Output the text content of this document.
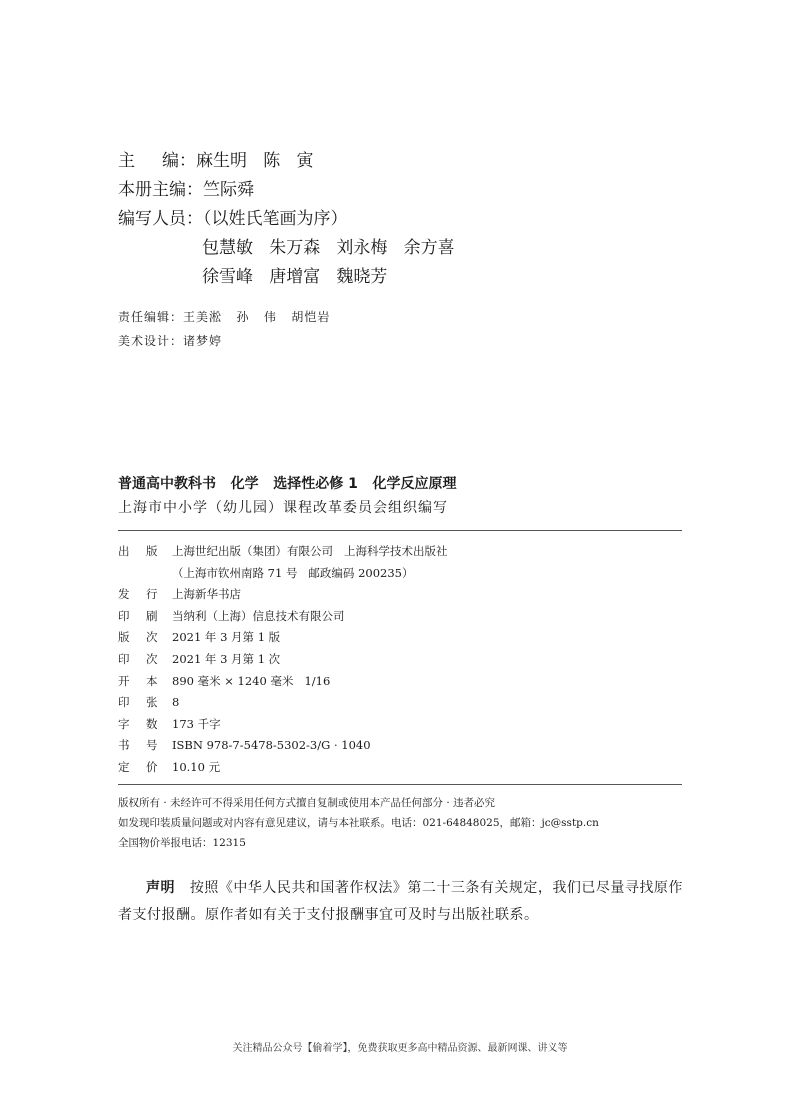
主     编：麻生明   陈   寅
本册主编：竺际舜
编写人员：（以姓氏笔画为序）
包慧敏   朱万森   刘永梅   余方喜
徐雪峰   唐增富   魏晓芳
责任编辑：王美淞   孙   伟   胡恺岩
美术设计：诸梦婷
普通高中教科书   化学   选择性必修 1   化学反应原理
上海市中小学（幼儿园）课程改革委员会组织编写
出 版 上海世纪出版（集团）有限公司   上海科学技术出版社
（上海市钦州南路 71 号   邮政编码 200235）
发 行 上海新华书店
印 刷 当纳利（上海）信息技术有限公司
版 次 2021 年 3 月第 1 版
印 次 2021 年 3 月第 1 次
开 本 890 毫米 × 1240 毫米   1/16
印 张 8
字 数 173 千字
书 号 ISBN 978-7-5478-5302-3/G · 1040
定 价 10.10 元
版权所有 · 未经许可不得采用任何方式擅自复制或使用本产品任何部分 · 违者必究
如发现印装质量问题或对内容有意见建议，请与本社联系。电话：021-64848025，邮箱：jc@sstp.cn
全国物价举报电话：12315
声明 按照《中华人民共和国著作权法》第二十三条有关规定，我们已尽量寻找原作者支付报酬。原作者如有关于支付报酬事宜可及时与出版社联系。
关注精品公众号【偷着学】，免费获取更多高中精品资源、最新网课、讲义等
